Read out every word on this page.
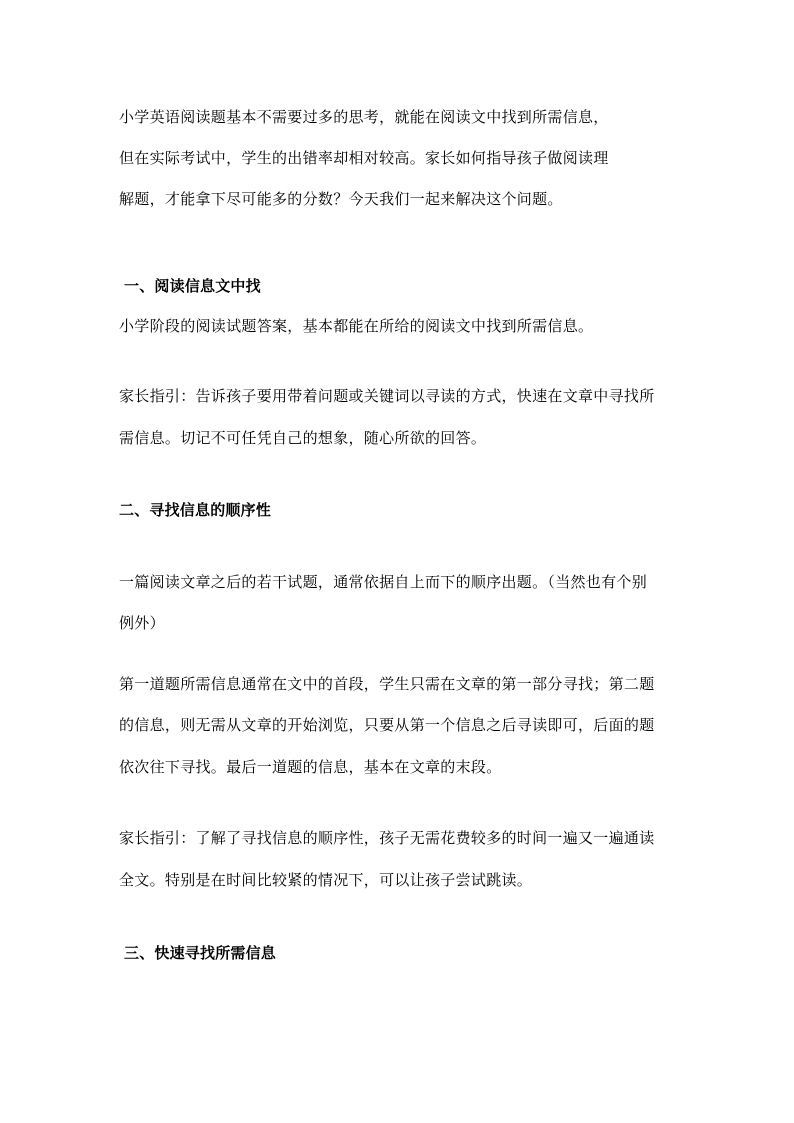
小学英语阅读题基本不需要过多的思考，就能在阅读文中找到所需信息，
但在实际考试中，学生的出错率却相对较高。家长如何指导孩子做阅读理
解题，才能拿下尽可能多的分数？今天我们一起来解决这个问题。
一、阅读信息文中找
小学阶段的阅读试题答案，基本都能在所给的阅读文中找到所需信息。
家长指引：告诉孩子要用带着问题或关键词以寻读的方式，快速在文章中寻找所
需信息。切记不可任凭自己的想象，随心所欲的回答。
二、寻找信息的顺序性
一篇阅读文章之后的若干试题，通常依据自上而下的顺序出题。（当然也有个别
例外）
第一道题所需信息通常在文中的首段，学生只需在文章的第一部分寻找；第二题
的信息，则无需从文章的开始浏览，只要从第一个信息之后寻读即可，后面的题
依次往下寻找。最后一道题的信息，基本在文章的末段。
家长指引：了解了寻找信息的顺序性，孩子无需花费较多的时间一遍又一遍通读
全文。特别是在时间比较紧的情况下，可以让孩子尝试跳读。
三、快速寻找所需信息
